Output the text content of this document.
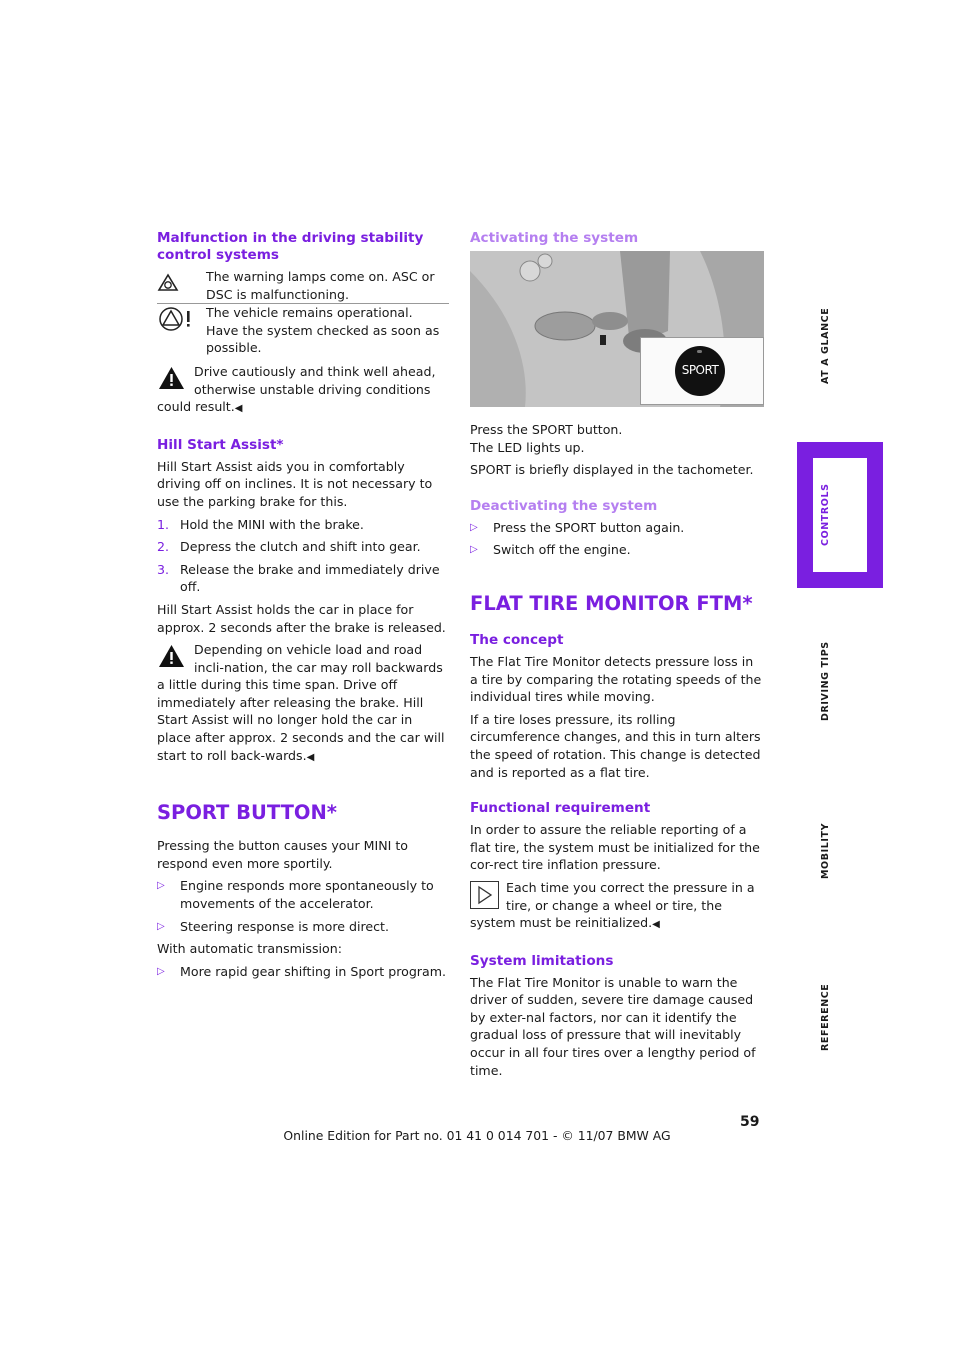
Malfunction in the driving stability control systems
The warning lamps come on. ASC or DSC is malfunctioning.
The vehicle remains operational. Have the system checked as soon as possible.
Drive cautiously and think well ahead, otherwise unstable driving conditions could result.◀
Hill Start Assist*

Hill Start Assist aids you in comfortably driving off on inclines. It is not necessary to use the parking brake for this.

1. Hold the MINI with the brake.
2. Depress the clutch and shift into gear.
3. Release the brake and immediately drive off.

Hill Start Assist holds the car in place for approx. 2 seconds after the brake is released.

Depending on vehicle load and road incli-nation, the car may roll backwards a little during this time span. Drive off immediately after releasing the brake. Hill Start Assist will no longer hold the car in place after approx. 2 seconds and the car will start to roll back-wards.◀
SPORT BUTTON*

Pressing the button causes your MINI to respond even more sportily.

▷	Engine responds more spontaneously to movements of the accelerator.
▷	Steering response is more direct.

With automatic transmission:

▷	More rapid gear shifting in Sport program.
Activating the system
SPORT

Press the SPORT button.

The LED lights up.

SPORT is briefly displayed in the tachometer.

Deactivating the system
▷	Press the SPORT button again.
▷	Switch off the engine.
FLAT TIRE MONITOR FTM*
The concept

The Flat Tire Monitor detects pressure loss in a tire by comparing the rotating speeds of the individual tires while moving.

If a tire loses pressure, its rolling circumference changes, and this in turn alters the speed of rotation. This change is detected and is reported as a flat tire.

Functional requirement

In order to assure the reliable reporting of a flat tire, the system must be initialized for the cor-rect tire inflation pressure.

Each time you correct the pressure in a tire, or change a wheel or tire, the system must be reinitialized.◀
System limitations

The Flat Tire Monitor is unable to warn the driver of sudden, severe tire damage caused by exter-nal factors, nor can it identify the gradual loss of pressure that will inevitably occur in all four tires over a lengthy period of time.

AT A GLANCE
CONTROLS
DRIVING TIPS
MOBILITY
REFERENCE
59
Online Edition for Part no. 01 41 0 014 701 - © 11/07 BMW AG
